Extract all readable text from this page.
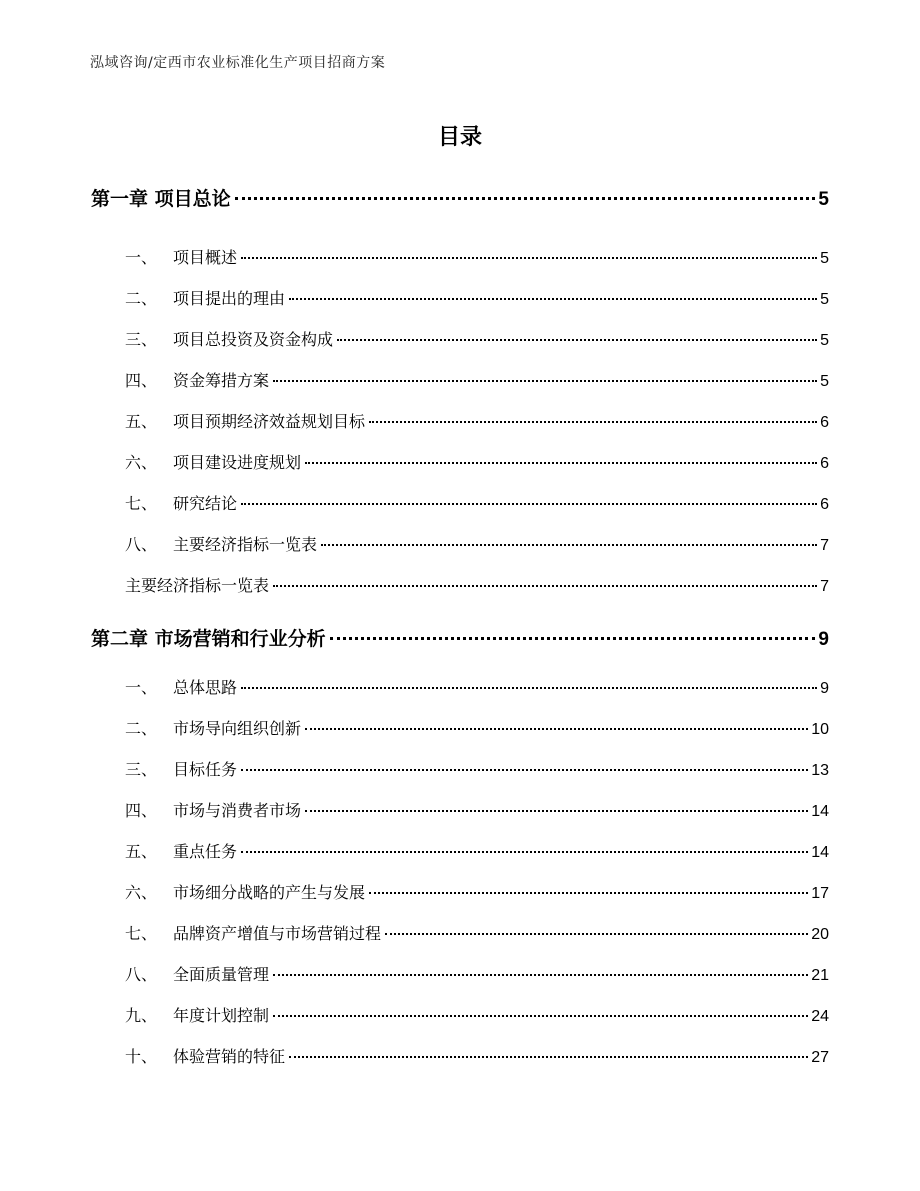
泓域咨询/定西市农业标准化生产项目招商方案
目录
第一章 项目总论	5
一、 项目概述	5
二、 项目提出的理由	5
三、 项目总投资及资金构成	5
四、 资金筹措方案	5
五、 项目预期经济效益规划目标	6
六、 项目建设进度规划	6
七、 研究结论	6
八、 主要经济指标一览表	7
主要经济指标一览表	7
第二章 市场营销和行业分析	9
一、 总体思路	9
二、 市场导向组织创新	10
三、 目标任务	13
四、 市场与消费者市场	14
五、 重点任务	14
六、 市场细分战略的产生与发展	17
七、 品牌资产增值与市场营销过程	20
八、 全面质量管理	21
九、 年度计划控制	24
十、 体验营销的特征	27
